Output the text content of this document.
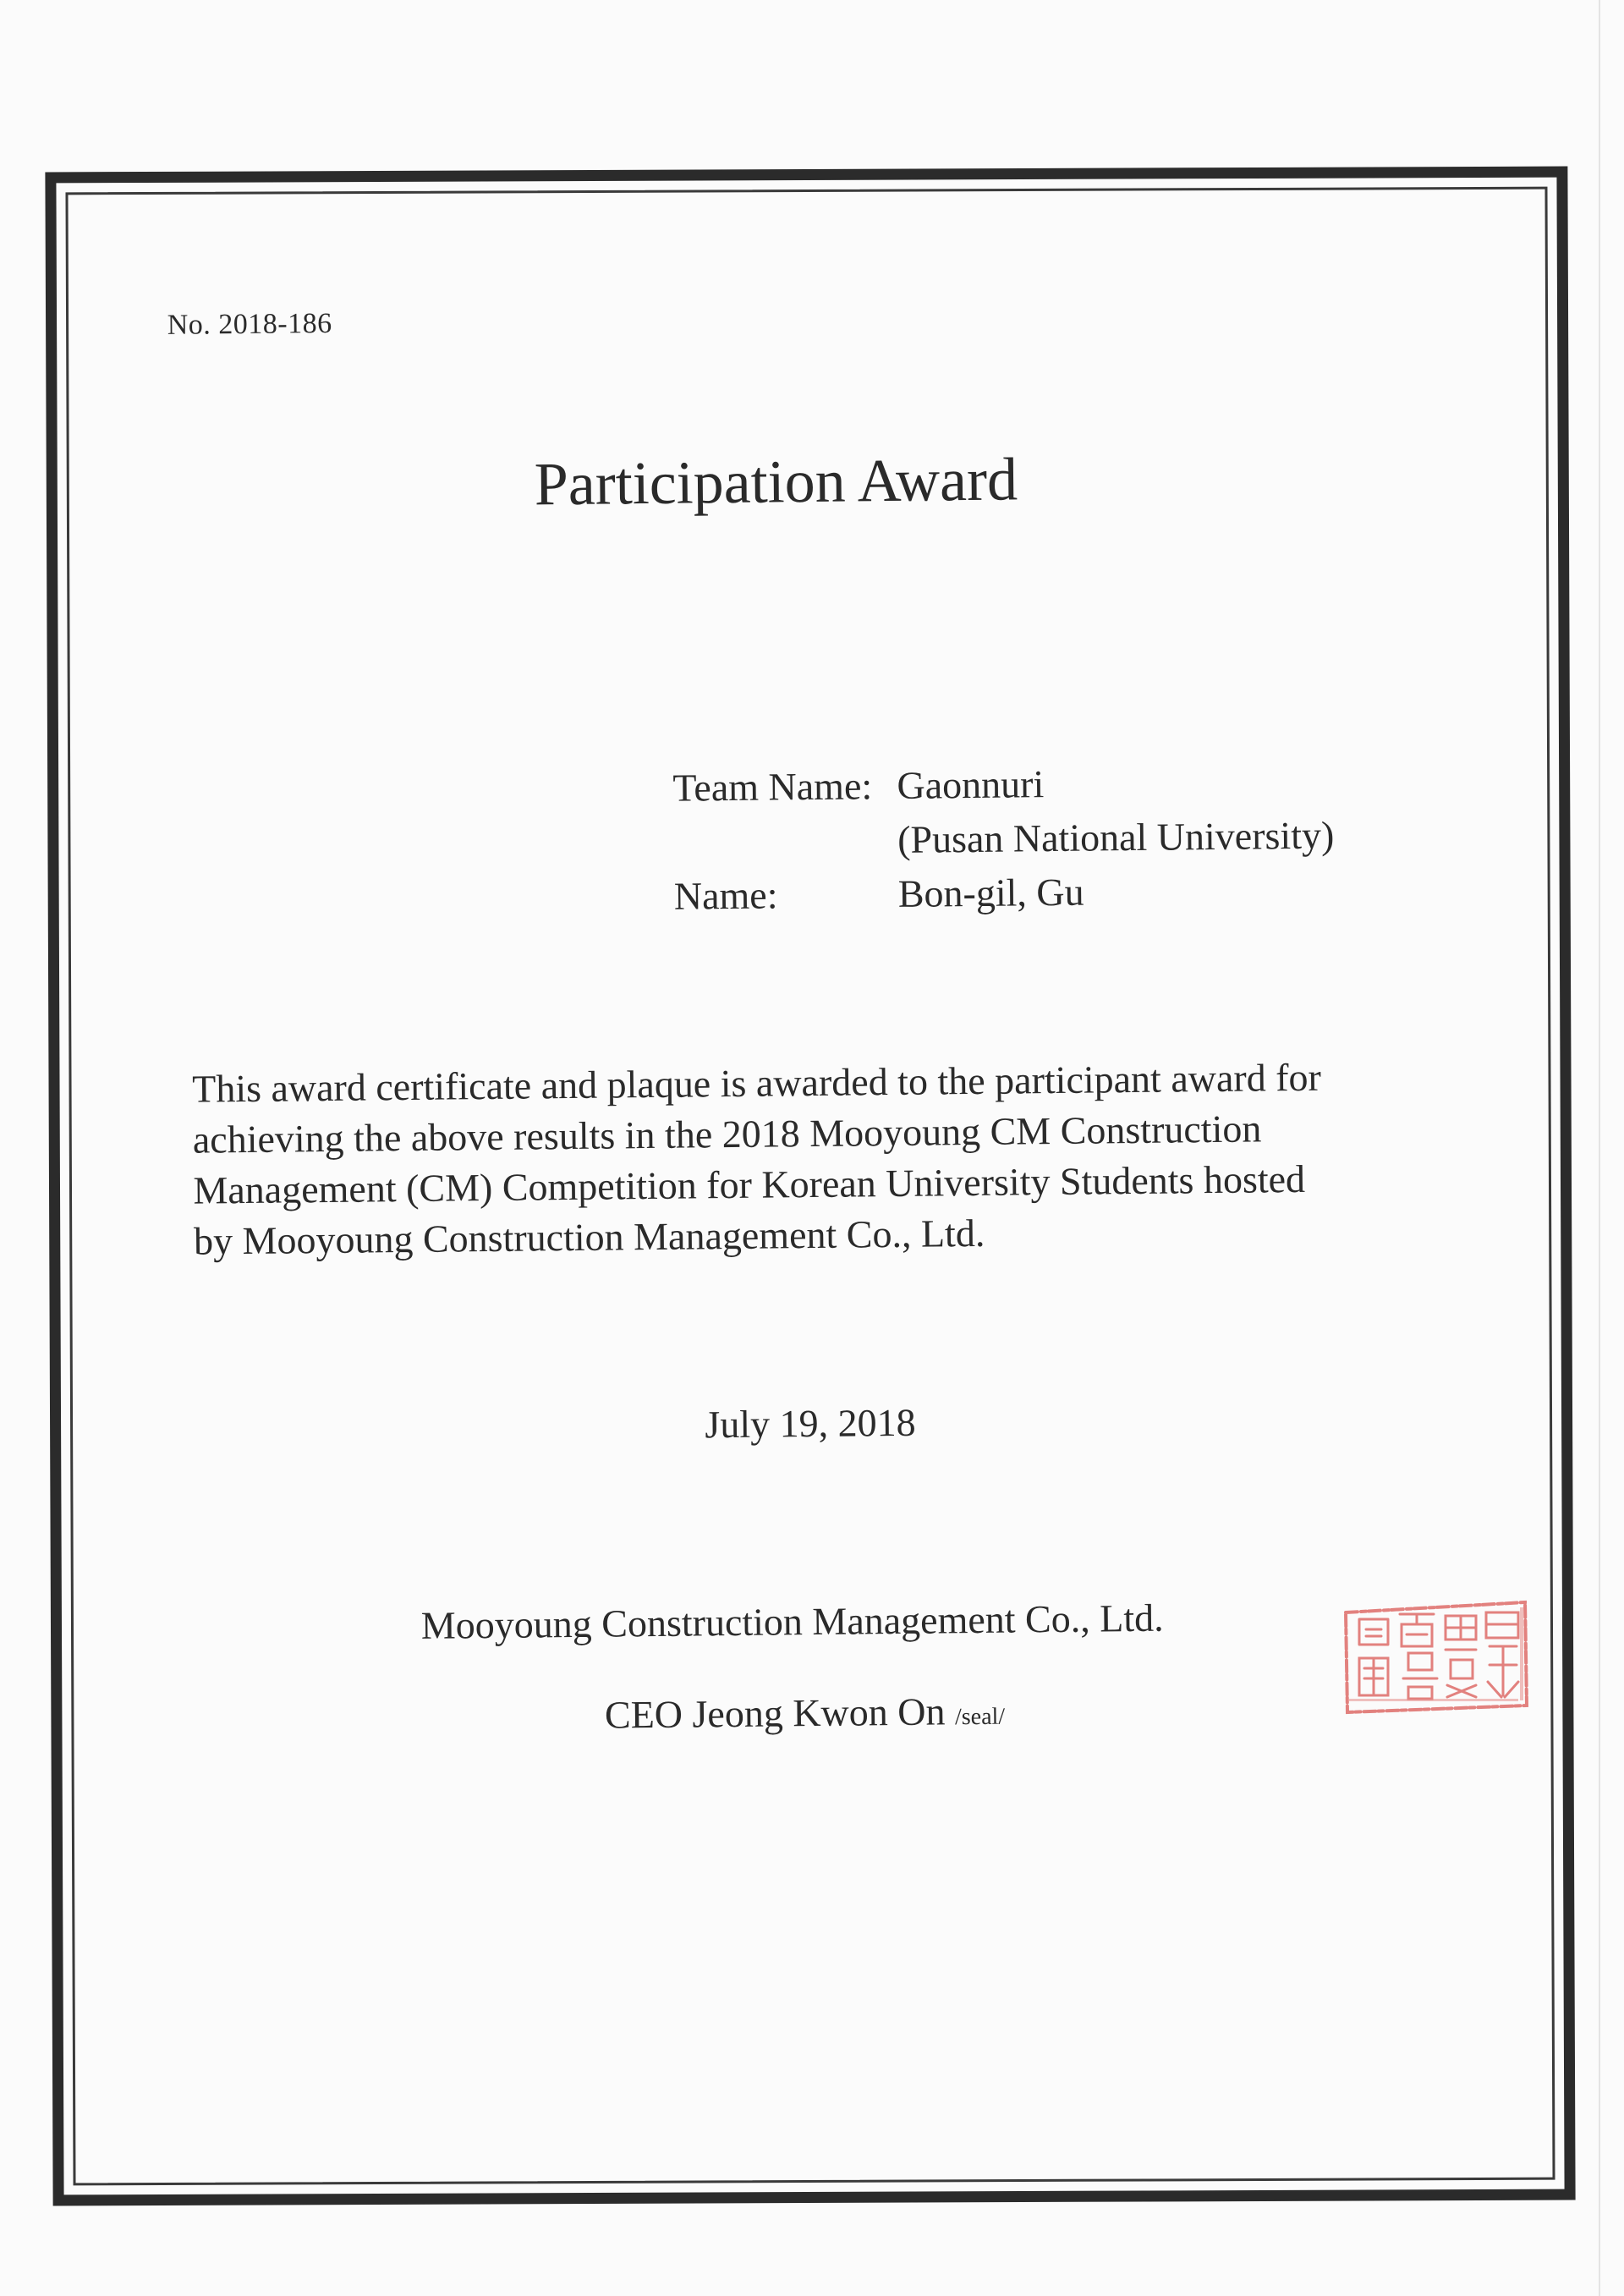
No. 2018-186
Participation Award
Team Name: Gaonnuri
(Pusan National University)
Name:	Bon-gil, Gu
This award certificate and plaque is awarded to the participant award for
achieving the above results in the 2018 Mooyoung CM Construction
Management (CM) Competition for Korean University Students hosted
by Mooyoung Construction Management Co., Ltd.
July 19, 2018
Mooyoung Construction Management Co., Ltd.
CEO Jeong Kwon On /seal/
